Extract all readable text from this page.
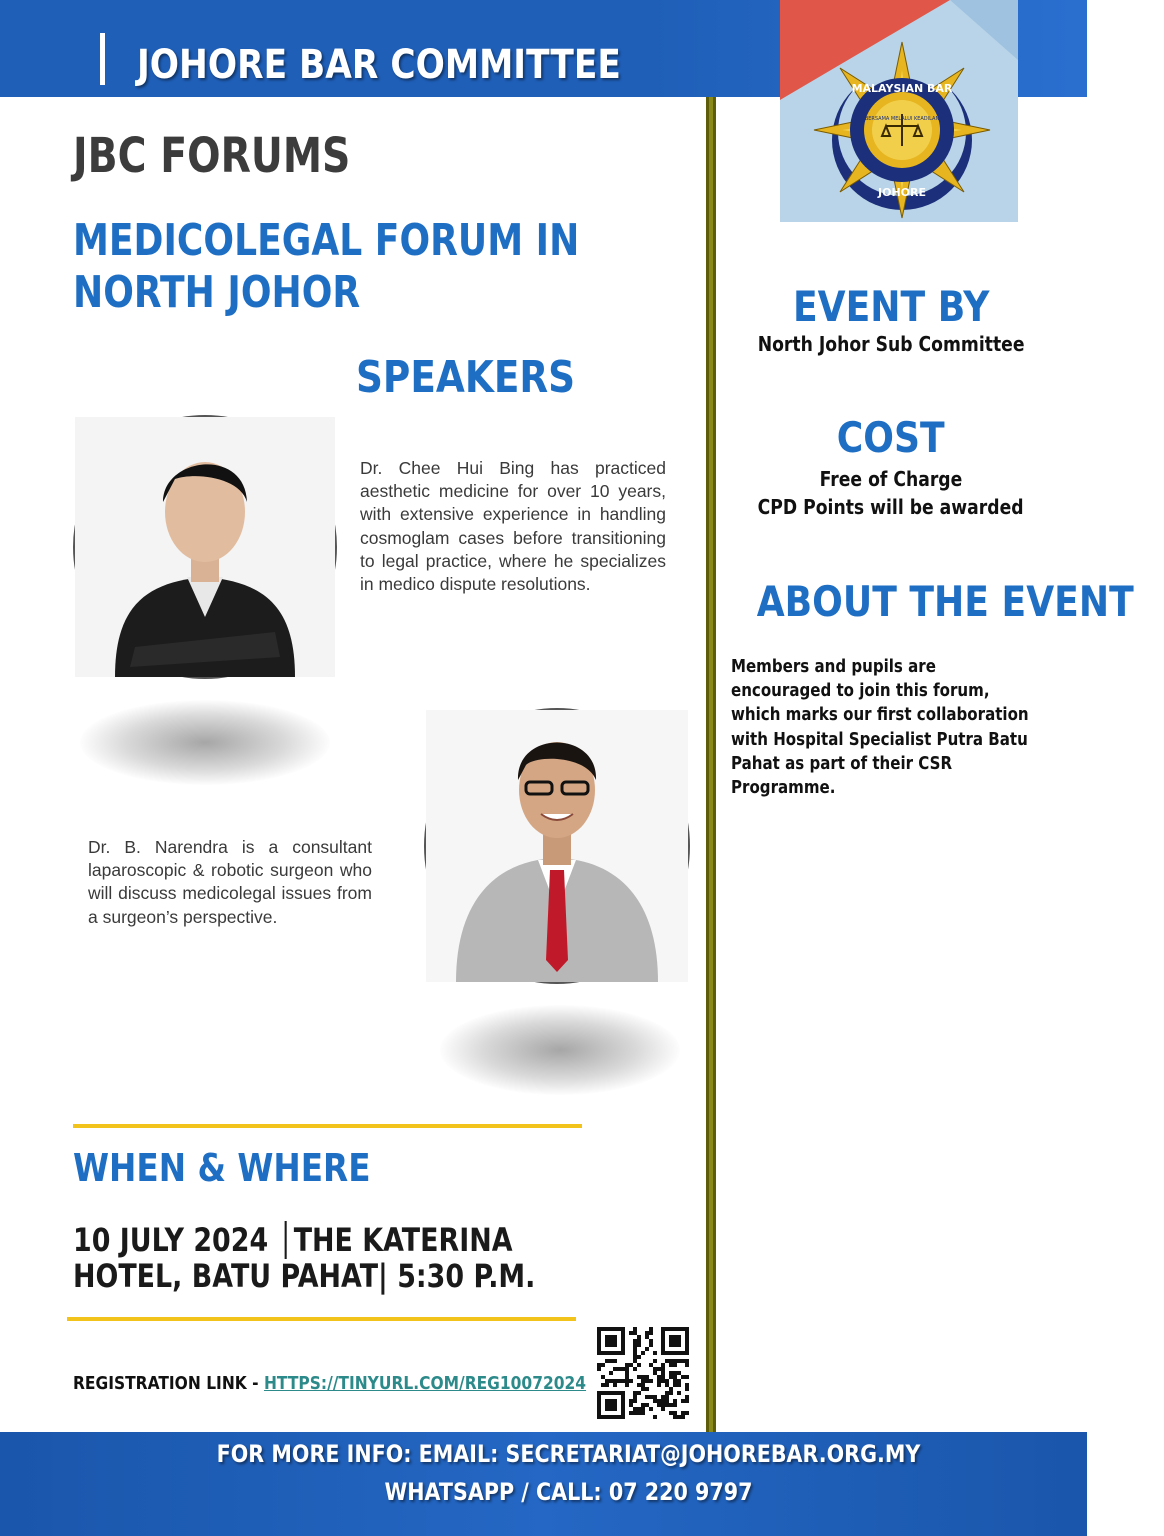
JOHORE BAR COMMITTEE
MALAYSIAN BAR
JOHORE
BERSAMA MELALUI KEADILAN
JBC FORUMS
MEDICOLEGAL FORUM IN NORTH JOHOR
SPEAKERS
Dr. Chee Hui Bing has practiced aesthetic medicine for over 10 years, with extensive experience in handling cosmoglam cases before transitioning to legal practice, where he specializes in medico dispute resolutions.
Dr. B. Narendra is a consultant laparoscopic & robotic surgeon who will discuss medicolegal issues from a surgeon’s perspective.
WHEN & WHERE
10 JULY 2024 │THE KATERINA HOTEL, BATU PAHAT| 5:30 P.M.
REGISTRATION LINK - HTTPS://TINYURL.COM/REG10072024
EVENT BY
North Johor Sub Committee
COST
Free of Charge
CPD Points will be awarded
ABOUT THE EVENT
Members and pupils are encouraged to join this forum, which marks our first collaboration with Hospital Specialist Putra Batu Pahat as part of their CSR Programme.
FOR MORE INFO: EMAIL: SECRETARIAT@JOHOREBAR.ORG.MY
WHATSAPP / CALL: 07 220 9797
